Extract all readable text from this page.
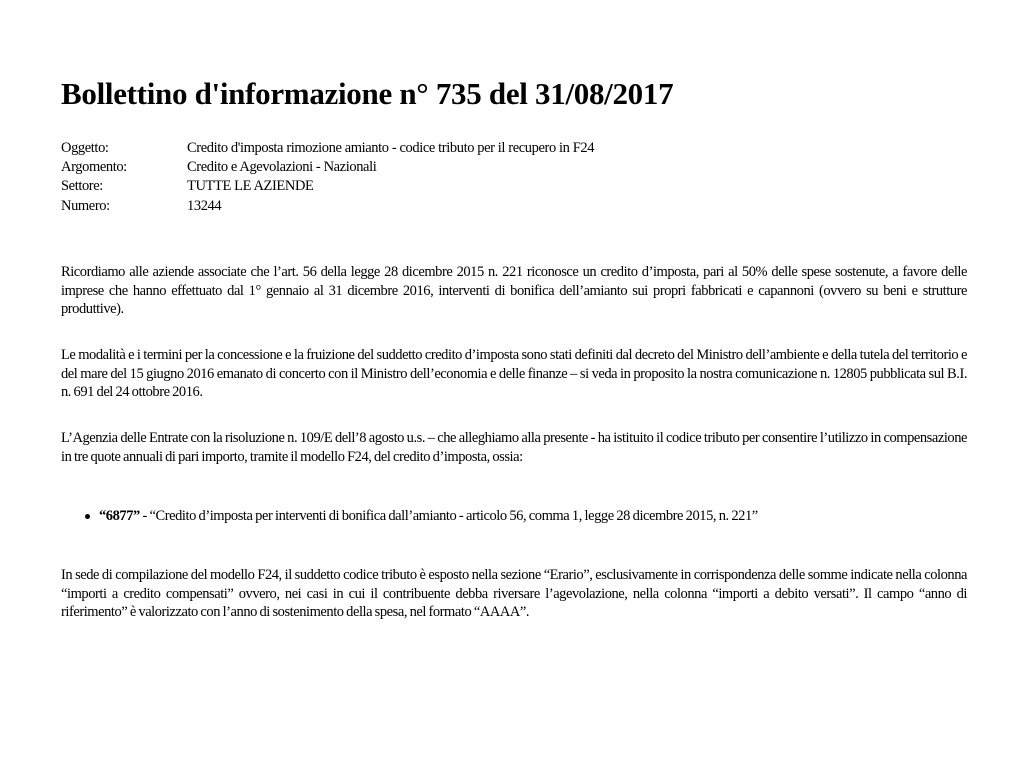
Bollettino d'informazione n° 735 del 31/08/2017
Oggetto:	Credito d'imposta rimozione amianto - codice tributo per il recupero in F24
Argomento:	Credito e Agevolazioni - Nazionali
Settore:	TUTTE LE AZIENDE
Numero:	13244

Ricordiamo alle aziende associate che l’art. 56 della legge 28 dicembre 2015 n. 221 riconosce un credito d’imposta, pari al 50% delle spese sostenute, a favore delle imprese che hanno effettuato dal 1° gennaio al 31 dicembre 2016, interventi di bonifica dell’amianto sui propri fabbricati e capannoni (ovvero su beni e strutture produttive).

Le modalità e i termini per la concessione e la fruizione del suddetto credito d’imposta sono stati definiti dal decreto del Ministro dell’ambiente e della tutela del territorio e del mare del 15 giugno 2016 emanato di concerto con il Ministro dell’economia e delle finanze – si veda in proposito la nostra comunicazione n. 12805 pubblicata sul B.I. n. 691 del 24 ottobre 2016.

L’Agenzia delle Entrate con la risoluzione n. 109/E dell’8 agosto u.s. – che alleghiamo alla presente - ha istituito il codice tributo per consentire l’utilizzo in compensazione in tre quote annuali di pari importo, tramite il modello F24, del credito d’imposta, ossia:

“6877” - “Credito d’imposta per interventi di bonifica dall’amianto - articolo 56, comma 1, legge 28 dicembre 2015, n. 221”

In sede di compilazione del modello F24, il suddetto codice tributo è esposto nella sezione “Erario”, esclusivamente in corrispondenza delle somme indicate nella colonna “importi a credito compensati” ovvero, nei casi in cui il contribuente debba riversare l’agevolazione, nella colonna “importi a debito versati”. Il campo “anno di riferimento” è valorizzato con l’anno di sostenimento della spesa, nel formato “AAAA”.
